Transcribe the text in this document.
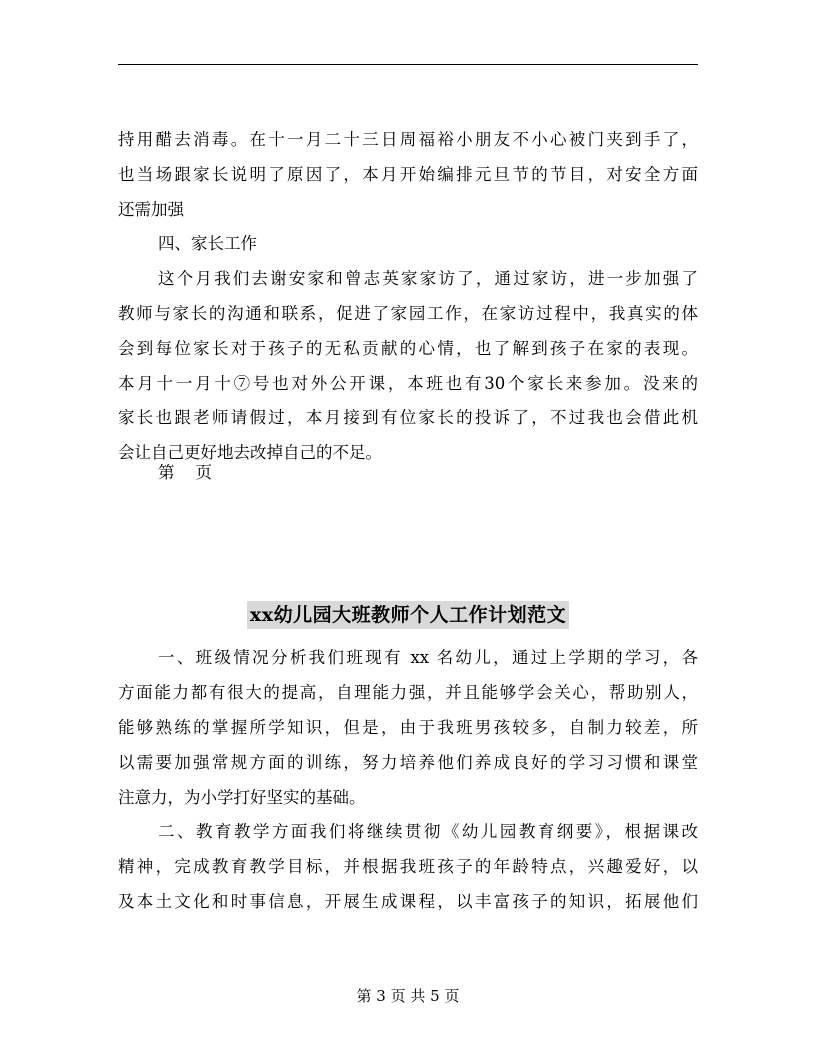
持用醋去消毒。在十一月二十三日周福裕小朋友不小心被门夹到手了，
也当场跟家长说明了原因了，本月开始编排元旦节的节目，对安全方面
还需加强
四、家长工作
这个月我们去谢安家和曾志英家家访了，通过家访，进一步加强了
教师与家长的沟通和联系，促进了家园工作，在家访过程中，我真实的体
会到每位家长对于孩子的无私贡献的心情，也了解到孩子在家的表现。
本月十一月十⑦号也对外公开课，本班也有30个家长来参加。没来的
家长也跟老师请假过，本月接到有位家长的投诉了，不过我也会借此机
会让自己更好地去改掉自己的不足。
第    页
xx幼儿园大班教师个人工作计划范文
一、班级情况分析我们班现有 xx 名幼儿，通过上学期的学习，各
方面能力都有很大的提高，自理能力强，并且能够学会关心，帮助别人，
能够熟练的掌握所学知识，但是，由于我班男孩较多，自制力较差，所
以需要加强常规方面的训练，努力培养他们养成良好的学习习惯和课堂
注意力，为小学打好坚实的基础。
二、教育教学方面我们将继续贯彻《幼儿园教育纲要》，根据课改
精神，完成教育教学目标，并根据我班孩子的年龄特点，兴趣爱好，以
及本土文化和时事信息，开展生成课程，以丰富孩子的知识，拓展他们
第 3 页 共 5 页
